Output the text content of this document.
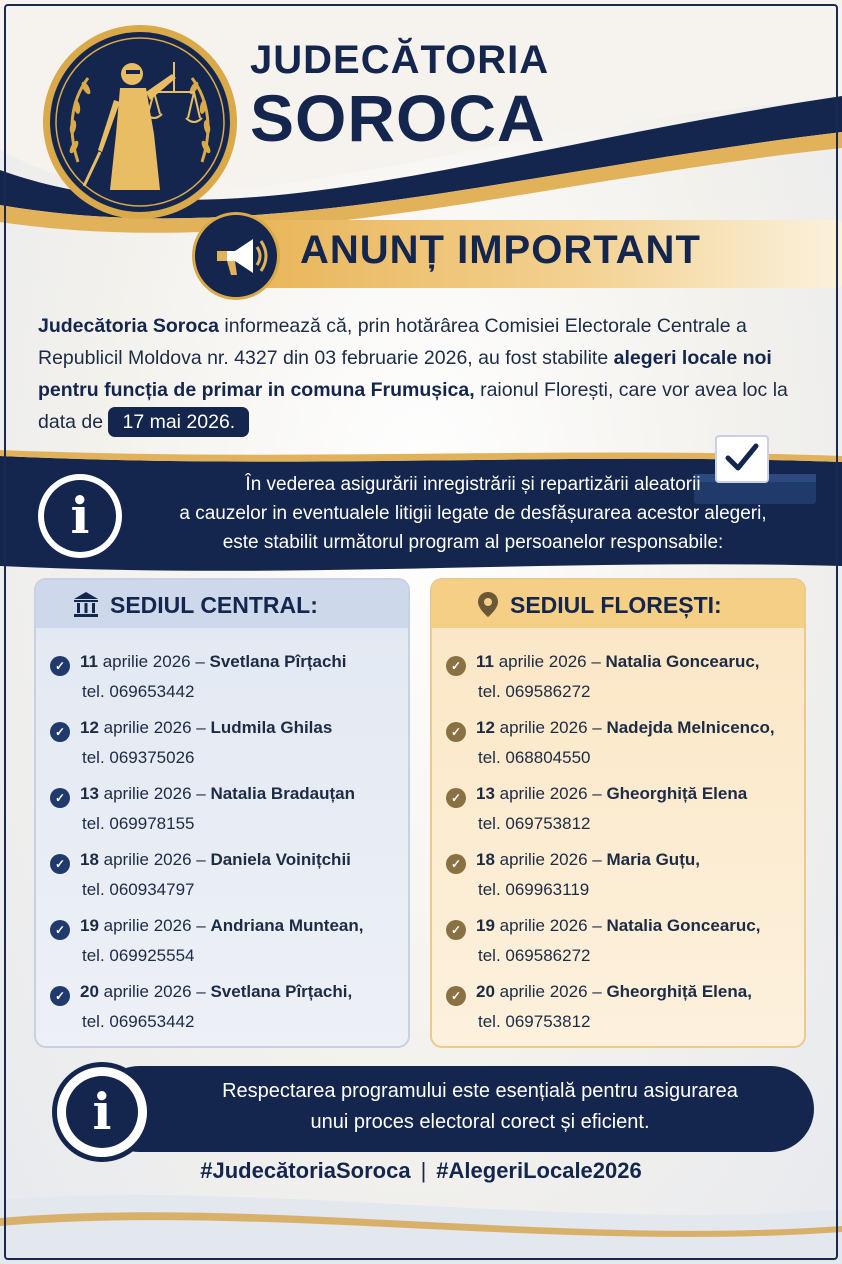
JUDECĂTORIA
SOROCA
ANUNȚ IMPORTANT
Judecătoria Soroca informează că, prin hotărârea Comisiei Electorale Centrale a Republicil Moldova nr. 4327 din 03 februarie 2026, au fost stabilite alegeri locale noi pentru funcția de primar in comuna Frumușica, raionul Florești, care vor avea loc la data de 17 mai 2026.
i
În vederea asigurării inregistrării și repartizării aleatorii
a cauzelor in eventualele litigii legate de desfășurarea acestor alegeri,
este stabilit următorul program al persoanelor responsabile:
SEDIUL CENTRAL:
✓ 11 aprilie 2026 – Svetlana Pîrțachi
tel. 069653442
✓ 12 aprilie 2026 – Ludmila Ghilas
tel. 069375026
✓ 13 aprilie 2026 – Natalia Bradauțan
tel. 069978155
✓ 18 aprilie 2026 – Daniela Voinițchii
tel. 060934797
✓ 19 aprilie 2026 – Andriana Muntean,
tel. 069925554
✓ 20 aprilie 2026 – Svetlana Pîrțachi,
tel. 069653442
SEDIUL FLOREȘTI:
✓ 11 aprilie 2026 – Natalia Goncearuc,
tel. 069586272
✓ 12 aprilie 2026 – Nadejda Melnicenco,
tel. 068804550
✓ 13 aprilie 2026 – Gheorghiță Elena
tel. 069753812
✓ 18 aprilie 2026 – Maria Guțu,
tel. 069963119
✓ 19 aprilie 2026 – Natalia Goncearuc,
tel. 069586272
✓ 20 aprilie 2026 – Gheorghiță Elena,
tel. 069753812
i	Respectarea programului este esențială pentru asigurarea
unui proces electoral corect și eficient.
#JudecătoriaSoroca | #AlegeriLocale2026
